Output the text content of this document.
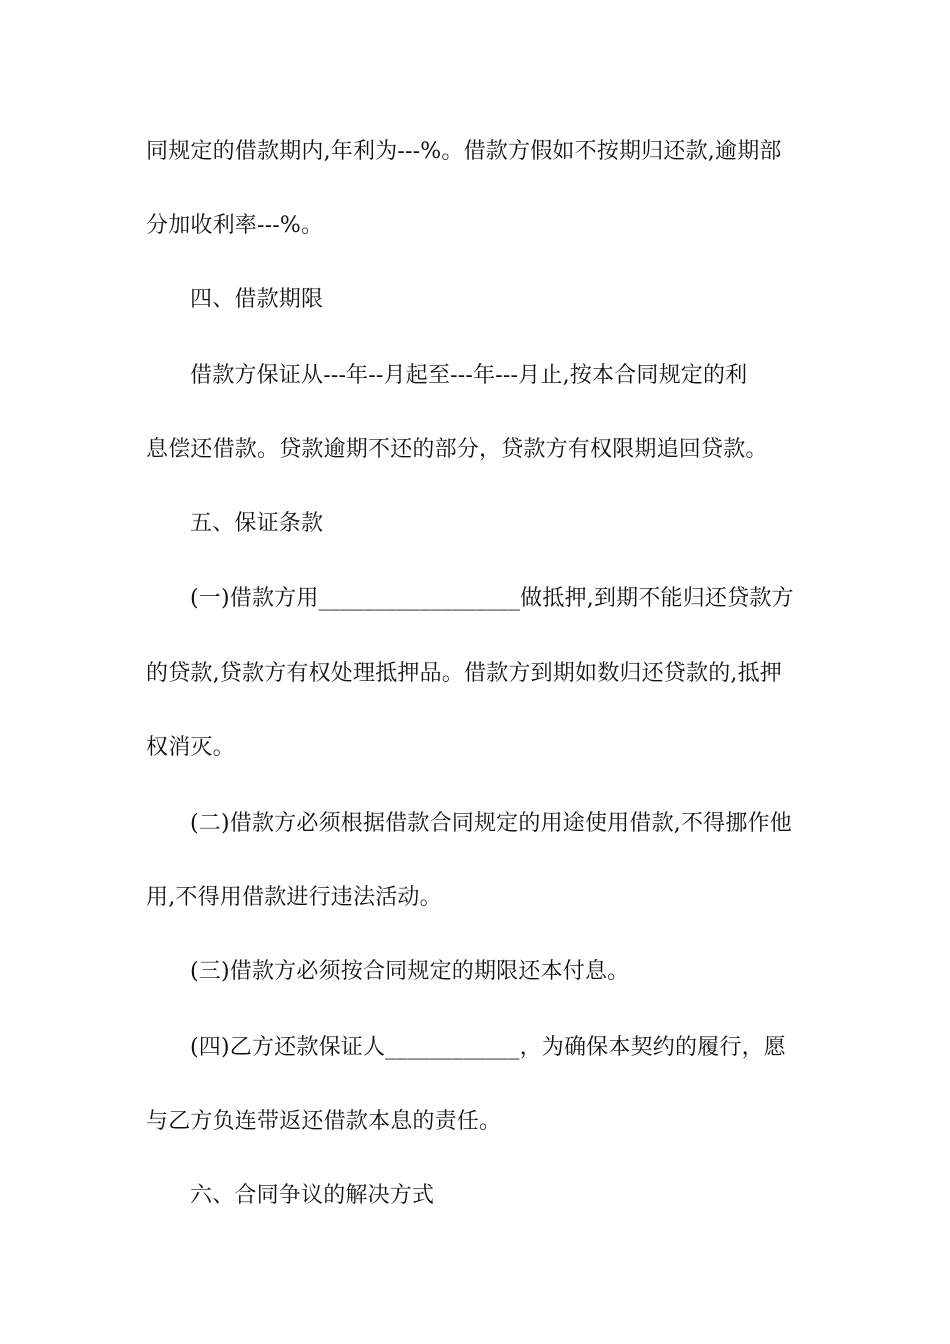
同规定的借款期内,年利为---%。借款方假如不按期归还款,逾期部
分加收利率---%。
四、借款期限
借款方保证从---年--月起至---年---月止,按本合同规定的利
息偿还借款。贷款逾期不还的部分，贷款方有权限期追回贷款。
五、保证条款
(一)借款方用__________________做抵押,到期不能归还贷款方
的贷款,贷款方有权处理抵押品。借款方到期如数归还贷款的,抵押
权消灭。
(二)借款方必须根据借款合同规定的用途使用借款,不得挪作他
用,不得用借款进行违法活动。
(三)借款方必须按合同规定的期限还本付息。
(四)乙方还款保证人____________，为确保本契约的履行，愿
与乙方负连带返还借款本息的责任。
六、合同争议的解决方式
